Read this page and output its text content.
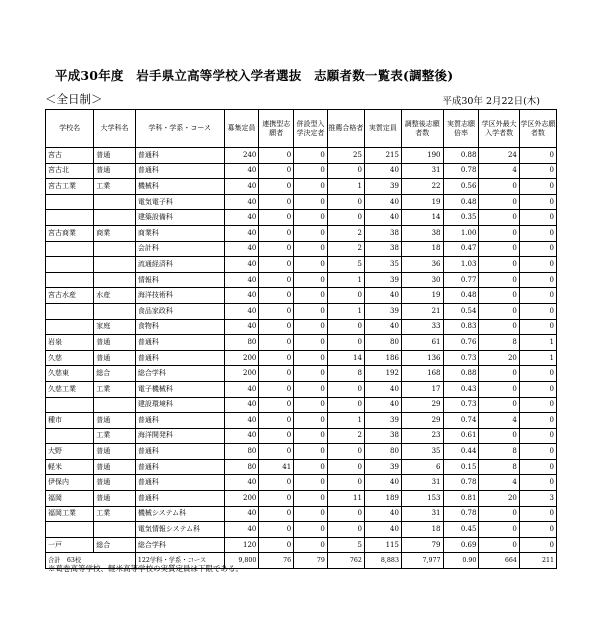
平成30年度　岩手県立高等学校入学者選抜　志願者数一覧表(調整後)
＜全日制＞	平成30年 2月22日(木)
学校名	大学科名	学科・学系・コース	募集定員	連携型志願者	併設型入学決定者	推薦合格者	実質定員	調整後志願者数	実質志願倍率	学区外最大入学者数	学区外志願者数
宮古	普通	普通科	240	0	0	25	215	190	0.88	24	0
宮古北	普通	普通科	40	0	0	0	40	31	0.78	4	0
宮古工業	工業	機械科	40	0	0	1	39	22	0.56	0	0
		電気電子科	40	0	0	0	40	19	0.48	0	0
		建築設備科	40	0	0	0	40	14	0.35	0	0
宮古商業	商業	商業科	40	0	0	2	38	38	1.00	0	0
		会計科	40	0	0	2	38	18	0.47	0	0
		流通経済科	40	0	0	5	35	36	1.03	0	0
		情報科	40	0	0	1	39	30	0.77	0	0
宮古水産	水産	海洋技術科	40	0	0	0	40	19	0.48	0	0
		食品家政科	40	0	0	1	39	21	0.54	0	0
	家庭	食物科	40	0	0	0	40	33	0.83	0	0
岩泉	普通	普通科	80	0	0	0	80	61	0.76	8	1
久慈	普通	普通科	200	0	0	14	186	136	0.73	20	1
久慈東	総合	総合学科	200	0	0	8	192	168	0.88	0	0
久慈工業	工業	電子機械科	40	0	0	0	40	17	0.43	0	0
		建設環境科	40	0	0	0	40	29	0.73	0	0
種市	普通	普通科	40	0	0	1	39	29	0.74	4	0
	工業	海洋開発科	40	0	0	2	38	23	0.61	0	0
大野	普通	普通科	80	0	0	0	80	35	0.44	8	0
軽米	普通	普通科	80	41	0	0	39	6	0.15	8	0
伊保内	普通	普通科	40	0	0	0	40	31	0.78	4	0
福岡	普通	普通科	200	0	0	11	189	153	0.81	20	3
福岡工業	工業	機械システム科	40	0	0	0	40	31	0.78	0	0
		電気情報システム科	40	0	0	0	40	18	0.45	0	0
一戸	総合	総合学科	120	0	0	5	115	79	0.69	0	0
合計　63校		122学科・学系・コース	9,800	76	79	762	8,883	7,977	0.90	664	211
※葛巻高等学校、軽米高等学校の実質定員は下限である。
